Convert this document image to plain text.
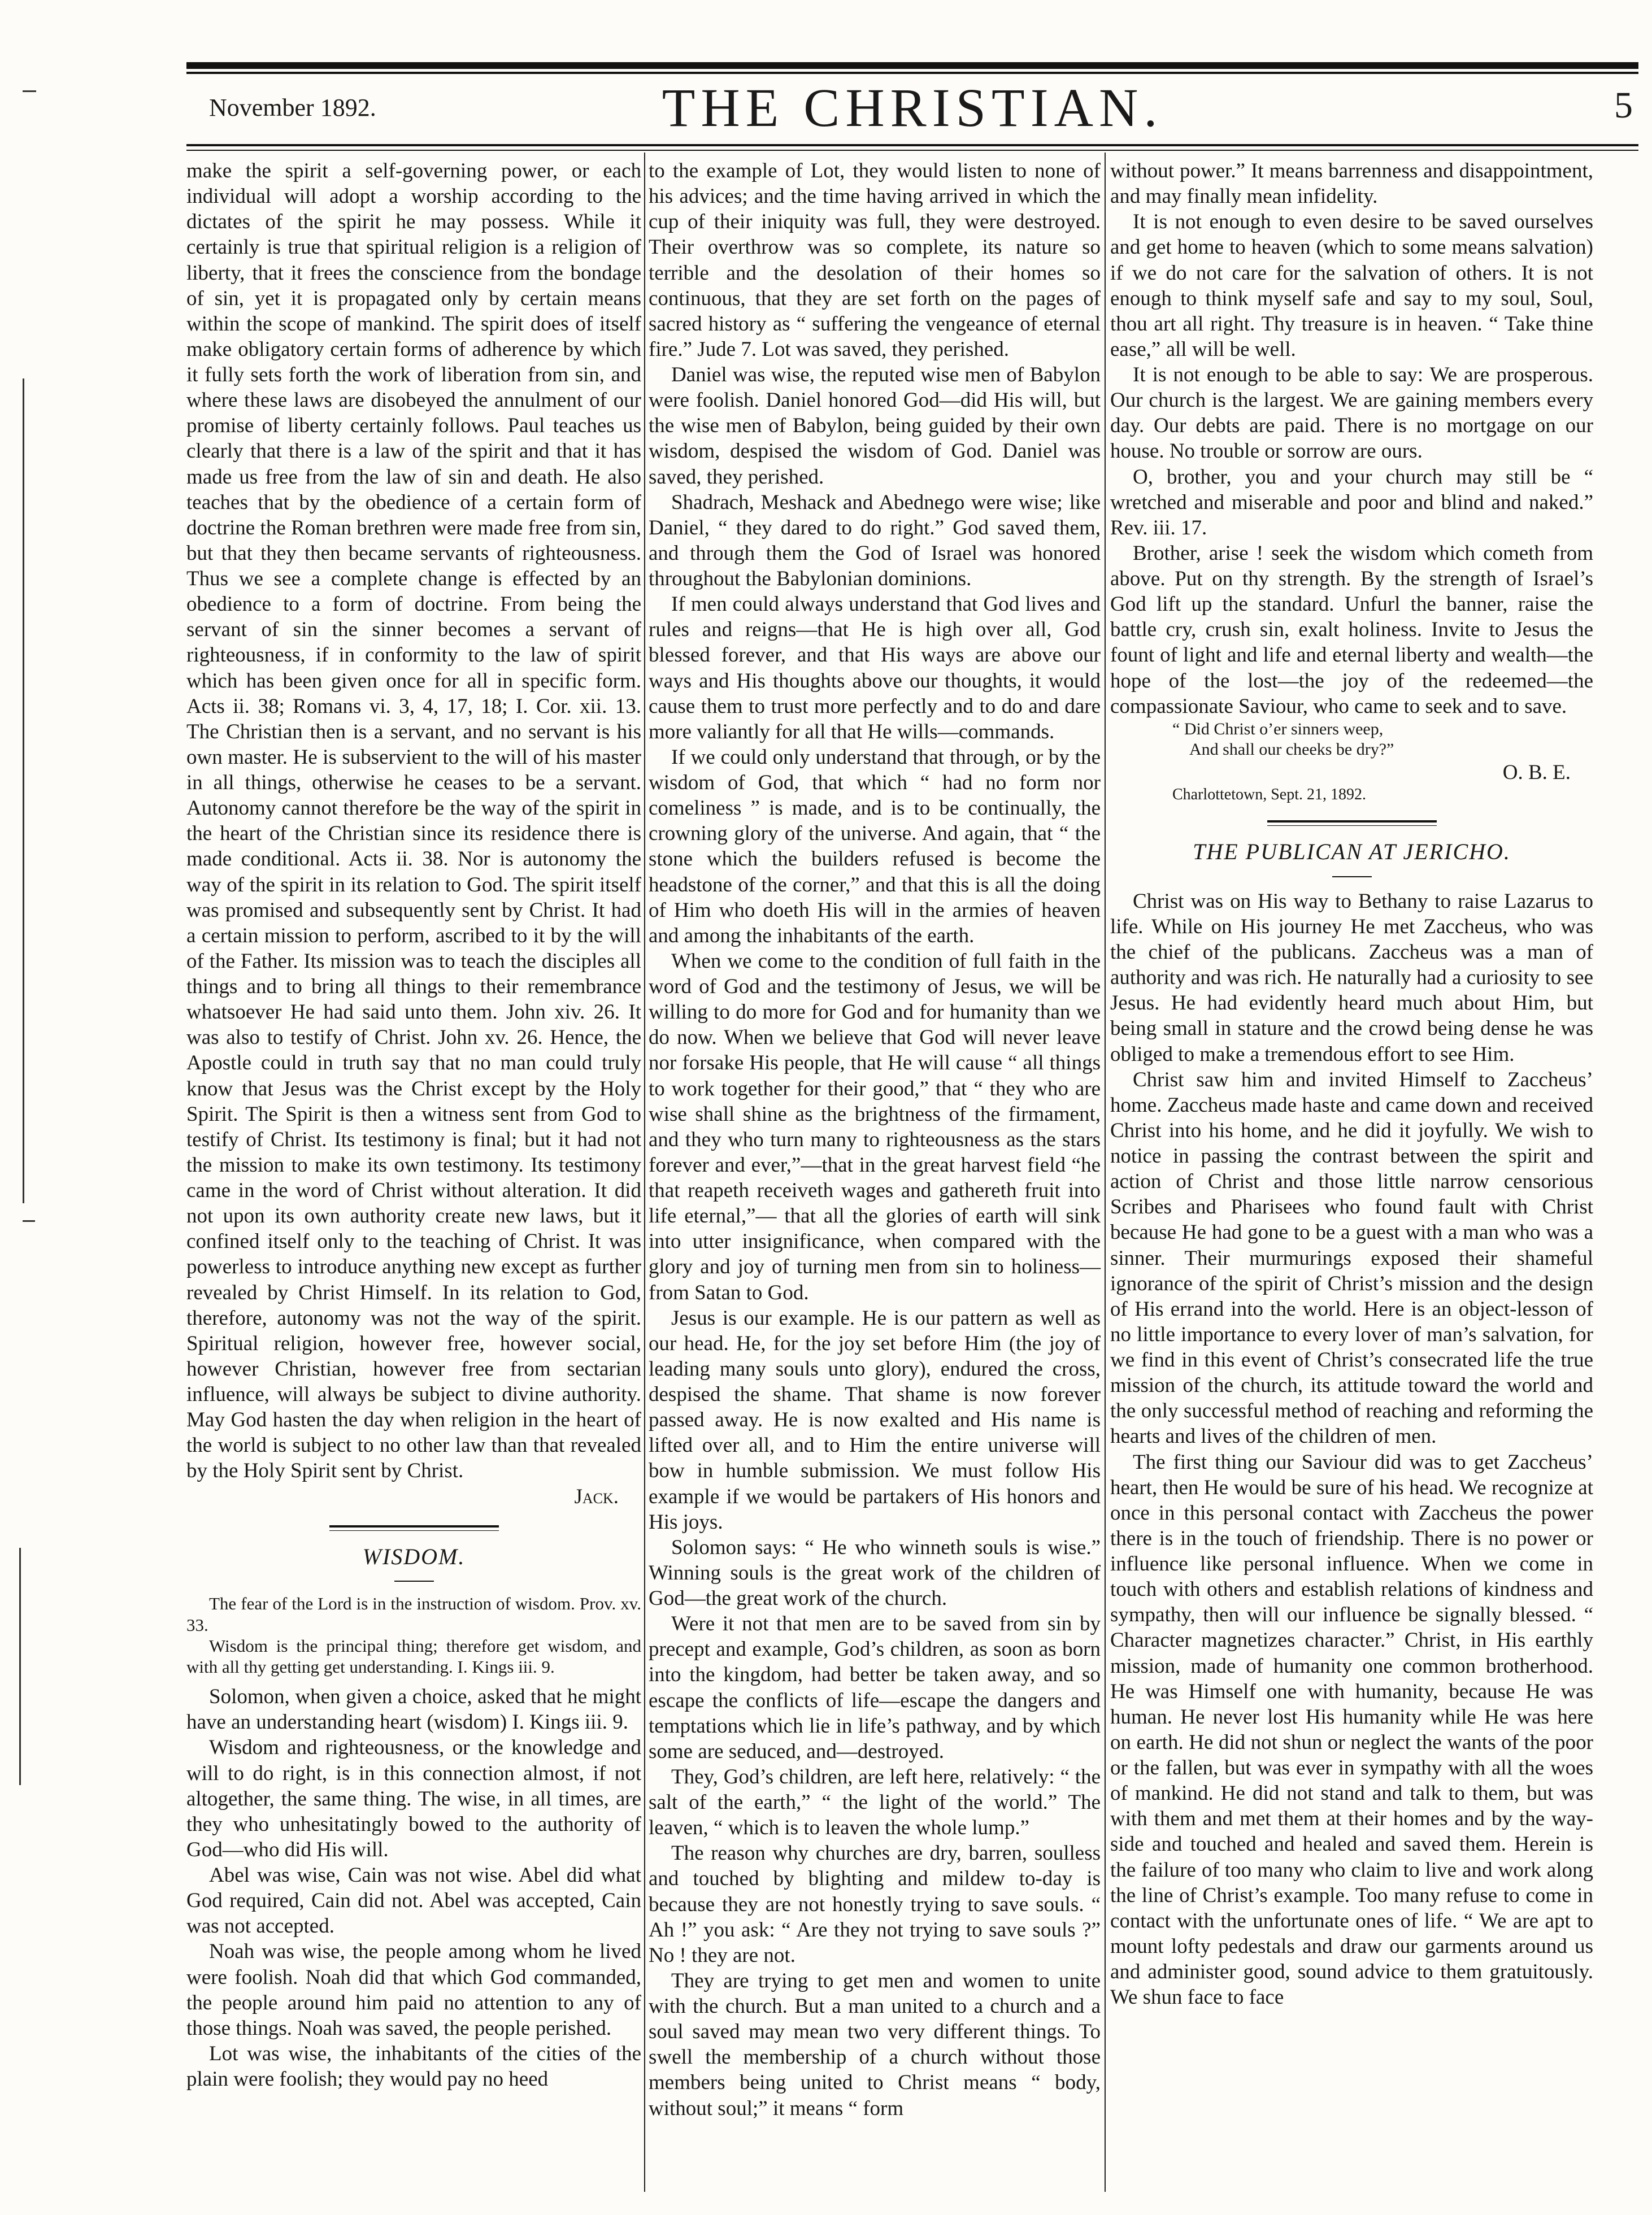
November 1892.	THE CHRISTIAN.	5

make the spirit a self-governing power, or each individual will adopt a worship according to the dictates of the spirit he may possess. While it certainly is true that spiritual religion is a religion of liberty, that it frees the conscience from the bondage of sin, yet it is propagated only by certain means within the scope of mankind. The spirit does of itself make obligatory certain forms of adherence by which it fully sets forth the work of liberation from sin, and where these laws are disobeyed the annulment of our promise of liberty certainly follows. Paul teaches us clearly that there is a law of the spirit and that it has made us free from the law of sin and death. He also teaches that by the obedience of a certain form of doctrine the Roman brethren were made free from sin, but that they then became servants of righteousness. Thus we see a complete change is effected by an obedience to a form of doctrine. From being the servant of sin the sinner becomes a servant of righteousness, if in conformity to the law of spirit which has been given once for all in specific form. Acts ii. 38; Romans vi. 3, 4, 17, 18; I. Cor. xii. 13. The Christian then is a servant, and no servant is his own master. He is subservient to the will of his master in all things, otherwise he ceases to be a servant. Autonomy cannot therefore be the way of the spirit in the heart of the Christian since its residence there is made conditional. Acts ii. 38. Nor is autonomy the way of the spirit in its relation to God. The spirit itself was promised and subsequently sent by Christ. It had a certain mission to perform, ascribed to it by the will of the Father. Its mission was to teach the disciples all things and to bring all things to their remembrance whatsoever He had said unto them. John xiv. 26. It was also to testify of Christ. John xv. 26. Hence, the Apostle could in truth say that no man could truly know that Jesus was the Christ except by the Holy Spirit. The Spirit is then a witness sent from God to testify of Christ. Its testimony is final; but it had not the mission to make its own testimony. Its testimony came in the word of Christ without alteration. It did not upon its own authority create new laws, but it confined itself only to the teaching of Christ. It was powerless to introduce anything new except as further revealed by Christ Himself. In its relation to God, therefore, autonomy was not the way of the spirit. Spiritual religion, however free, however social, however Christian, however free from sectarian influence, will always be subject to divine authority. May God hasten the day when religion in the heart of the world is subject to no other law than that revealed by the Holy Spirit sent by Christ.

Jack.

WISDOM.

The fear of the Lord is in the instruction of wisdom. Prov. xv. 33.

Wisdom is the principal thing; therefore get wisdom, and with all thy getting get understanding. I. Kings iii. 9.

Solomon, when given a choice, asked that he might have an understanding heart (wisdom) I. Kings iii. 9.

Wisdom and righteousness, or the knowledge and will to do right, is in this connection almost, if not altogether, the same thing. The wise, in all times, are they who unhesitatingly bowed to the authority of God—who did His will.

Abel was wise, Cain was not wise. Abel did what God required, Cain did not. Abel was accepted, Cain was not accepted.

Noah was wise, the people among whom he lived were foolish. Noah did that which God commanded, the people around him paid no attention to any of those things. Noah was saved, the people perished.

Lot was wise, the inhabitants of the cities of the plain were foolish; they would pay no heed

to the example of Lot, they would listen to none of his advices; and the time having arrived in which the cup of their iniquity was full, they were destroyed. Their overthrow was so complete, its nature so terrible and the desolation of their homes so continuous, that they are set forth on the pages of sacred history as “ suffering the vengeance of eternal fire.” Jude 7. Lot was saved, they perished.

Daniel was wise, the reputed wise men of Babylon were foolish. Daniel honored God—did His will, but the wise men of Babylon, being guided by their own wisdom, despised the wisdom of God. Daniel was saved, they perished.

Shadrach, Meshack and Abednego were wise; like Daniel, “ they dared to do right.” God saved them, and through them the God of Israel was honored throughout the Babylonian dominions.

If men could always understand that God lives and rules and reigns—that He is high over all, God blessed forever, and that His ways are above our ways and His thoughts above our thoughts, it would cause them to trust more perfectly and to do and dare more valiantly for all that He wills—commands.

If we could only understand that through, or by the wisdom of God, that which “ had no form nor comeliness ” is made, and is to be continually, the crowning glory of the universe. And again, that “ the stone which the builders refused is become the headstone of the corner,” and that this is all the doing of Him who doeth His will in the armies of heaven and among the inhabitants of the earth.

When we come to the condition of full faith in the word of God and the testimony of Jesus, we will be willing to do more for God and for humanity than we do now. When we believe that God will never leave nor forsake His people, that He will cause “ all things to work together for their good,” that “ they who are wise shall shine as the brightness of the firmament, and they who turn many to righteousness as the stars forever and ever,”—that in the great harvest field “he that reapeth receiveth wages and gathereth fruit into life eternal,”— that all the glories of earth will sink into utter insignificance, when compared with the glory and joy of turning men from sin to holiness— from Satan to God.

Jesus is our example. He is our pattern as well as our head. He, for the joy set before Him (the joy of leading many souls unto glory), endured the cross, despised the shame. That shame is now forever passed away. He is now exalted and His name is lifted over all, and to Him the entire universe will bow in humble submission. We must follow His example if we would be partakers of His honors and His joys.

Solomon says: “ He who winneth souls is wise.” Winning souls is the great work of the children of God—the great work of the church.

Were it not that men are to be saved from sin by precept and example, God’s children, as soon as born into the kingdom, had better be taken away, and so escape the conflicts of life—escape the dangers and temptations which lie in life’s pathway, and by which some are seduced, and—destroyed.

They, God’s children, are left here, relatively: “ the salt of the earth,” “ the light of the world.” The leaven, “ which is to leaven the whole lump.”

The reason why churches are dry, barren, soulless and touched by blighting and mildew to-day is because they are not honestly trying to save souls. “ Ah !” you ask: “ Are they not trying to save souls ?” No ! they are not.

They are trying to get men and women to unite with the church. But a man united to a church and a soul saved may mean two very different things. To swell the membership of a church without those members being united to Christ means “ body, without soul;” it means “ form

without power.” It means barrenness and disappointment, and may finally mean infidelity.

It is not enough to even desire to be saved ourselves and get home to heaven (which to some means salvation) if we do not care for the salvation of others. It is not enough to think myself safe and say to my soul, Soul, thou art all right. Thy treasure is in heaven. “ Take thine ease,” all will be well.

It is not enough to be able to say: We are prosperous. Our church is the largest. We are gaining members every day. Our debts are paid. There is no mortgage on our house. No trouble or sorrow are ours.

O, brother, you and your church may still be “ wretched and miserable and poor and blind and naked.” Rev. iii. 17.

Brother, arise ! seek the wisdom which cometh from above. Put on thy strength. By the strength of Israel’s God lift up the standard. Unfurl the banner, raise the battle cry, crush sin, exalt holiness. Invite to Jesus the fount of light and life and eternal liberty and wealth—the hope of the lost—the joy of the redeemed—the compassionate Saviour, who came to seek and to save.

“ Did Christ o’er sinners weep,
And shall our cheeks be dry?”
O. B. E.
Charlottetown, Sept. 21, 1892.
THE PUBLICAN AT JERICHO.

Christ was on His way to Bethany to raise Lazarus to life. While on His journey He met Zaccheus, who was the chief of the publicans. Zaccheus was a man of authority and was rich. He naturally had a curiosity to see Jesus. He had evidently heard much about Him, but being small in stature and the crowd being dense he was obliged to make a tremendous effort to see Him.

Christ saw him and invited Himself to Zaccheus’ home. Zaccheus made haste and came down and received Christ into his home, and he did it joyfully. We wish to notice in passing the contrast between the spirit and action of Christ and those little narrow censorious Scribes and Pharisees who found fault with Christ because He had gone to be a guest with a man who was a sinner. Their murmurings exposed their shameful ignorance of the spirit of Christ’s mission and the design of His errand into the world. Here is an object-lesson of no little importance to every lover of man’s salvation, for we find in this event of Christ’s consecrated life the true mission of the church, its attitude toward the world and the only successful method of reaching and reforming the hearts and lives of the children of men.

The first thing our Saviour did was to get Zaccheus’ heart, then He would be sure of his head. We recognize at once in this personal contact with Zaccheus the power there is in the touch of friendship. There is no power or influence like personal influence. When we come in touch with others and establish relations of kindness and sympathy, then will our influence be signally blessed. “ Character magnetizes character.” Christ, in His earthly mission, made of humanity one common brotherhood. He was Himself one with humanity, because He was human. He never lost His humanity while He was here on earth. He did not shun or neglect the wants of the poor or the fallen, but was ever in sympathy with all the woes of mankind. He did not stand and talk to them, but was with them and met them at their homes and by the way-side and touched and healed and saved them. Herein is the failure of too many who claim to live and work along the line of Christ’s example. Too many refuse to come in contact with the unfortunate ones of life. “ We are apt to mount lofty pedestals and draw our garments around us and administer good, sound advice to them gratuitously. We shun face to face
